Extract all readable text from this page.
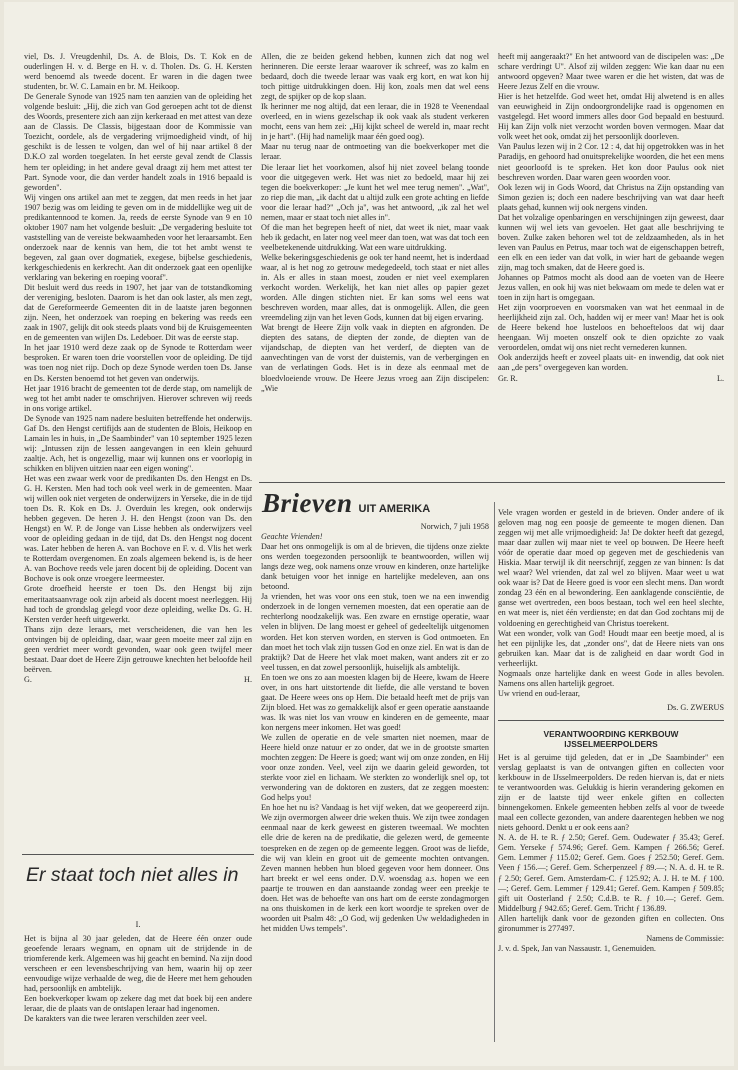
viel, Ds. J. Vreugdenhil, Ds. A. de Blois, Ds. T. Kok en de ouderlingen H. v. d. Berge en H. v. d. Tholen. Ds. G. H. Kersten werd benoemd als tweede docent. Er waren in die dagen twee studenten, br. W. C. Lamain en br. M. Heikoop.

De Generale Synode van 1925 nam ten aanzien van de opleiding het volgende besluit: „Hij, die zich van God geroepen acht tot de dienst des Woords, presentere zich aan zijn kerkeraad en met attest van deze aan de Classis. De Classis, bijgestaan door de Kommissie van Toezicht, oordele, als de vergadering vrijmoedigheid vindt, of hij geschikt is de lessen te volgen, dan wel of hij naar artikel 8 der D.K.O zal worden toegelaten. In het eerste geval zendt de Classis hem ter opleiding; in het andere geval draagt zij hem met attest ter Part. Synode voor, die dan verder handelt zoals in 1916 bepaald is geworden".

Wij vingen ons artikel aan met te zeggen, dat men reeds in het jaar 1907 bezig was om leiding te geven om in de middellijke weg uit de predikantennood te komen. Ja, reeds de eerste Synode van 9 en 10 oktober 1907 nam het volgende besluit: „De vergadering besluite tot vaststelling van de vereiste bekwaamheden voor het leraarsambt. Een onderzoek naar de kennis van hem, die tot het ambt wenst te begeven, zal gaan over dogmatiek, exegese, bijbelse geschiedenis, kerkgeschiedenis en kerkrecht. Aan dit onderzoek gaat een openlijke verklaring van bekering en roeping vooraf".

Dit besluit werd dus reeds in 1907, het jaar van de totstandkoming der vereniging, besloten. Daarom is het dan ook laster, als men zegt, dat de Gereformeerde Gemeenten dit in de laatste jaren begonnen zijn. Neen, het onderzoek van roeping en bekering was reeds een zaak in 1907, gelijk dit ook steeds plaats vond bij de Kruisgemeenten en de gemeenten van wijlen Ds. Ledeboer. Dit was de eerste stap.

In het jaar 1910 werd deze zaak op de Synode te Rotterdam weer besproken. Er waren toen drie voorstellen voor de opleiding. De tijd was toen nog niet rijp. Doch op deze Synode werden toen Ds. Janse en Ds. Kersten benoemd tot het geven van onderwijs.

Het jaar 1916 bracht de gemeenten tot de derde stap, om namelijk de weg tot het ambt nader te omschrijven. Hierover schreven wij reeds in ons vorige artikel.

De Synode van 1925 nam nadere besluiten betreffende het onderwijs. Gaf Ds. den Hengst certifijds aan de studenten de Blois, Heikoop en Lamain les in huis, in „De Saambinder" van 10 september 1925 lezen wij: „Intussen zijn de lessen aangevangen in een klein gehuurd zaaltje. Ach, het is ongezellig, maar wij kunnen ons er voorlopig in schikken en blijven uitzien naar een eigen woning".

Het was een zwaar werk voor de predikanten Ds. den Hengst en Ds. G. H. Kersten. Men had toch ook veel werk in de gemeenten. Maar wij willen ook niet vergeten de onderwijzers in Yerseke, die in de tijd toen Ds. R. Kok en Ds. J. Overduin les kregen, ook onderwijs hebben gegeven. De heren J. H. den Hengst (zoon van Ds. den Hengst) en W. P. de Jonge van Lisse hebben als onderwijzers veel voor de opleiding gedaan in de tijd, dat Ds. den Hengst nog docent was. Later hebben de heren A. van Bochove en F. v. d. Vlis het werk te Rotterdam overgenomen. En zoals algemeen bekend is, is de heer A. van Bochove reeds vele jaren docent bij de opleiding. Docent van Bochove is ook onze vroegere leermeester.

Grote droefheid heerste er toen Ds. den Hengst bij zijn emeritaatsaanvrage ook zijn arbeid als docent moest neerleggen. Hij had toch de grondslag gelegd voor deze opleiding, welke Ds. G. H. Kersten verder heeft uitgewerkt.

Thans zijn deze leraars, met verscheidenen, die van hen les ontvingen bij de opleiding, daar, waar geen moeite meer zal zijn en geen verdriet meer wordt gevonden, waar ook geen twijfel meer bestaat. Daar doet de Heere Zijn getrouwe knechten het beloofde heil beërven.

G.	H.

Allen, die ze beiden gekend hebben, kunnen zich dat nog wel herinneren. Die eerste leraar waarover ik schreef, was zo kalm en bedaard, doch die tweede leraar was vaak erg kort, en wat kon hij toch pittige uitdrukkingen doen. Hij kon, zoals men dat wel eens zegt, de spijker op de kop slaan.

Ik herinner me nog altijd, dat een leraar, die in 1928 te Veenendaal overleed, en in wiens gezelschap ik ook vaak als student verkeren mocht, eens van hem zei: „Hij kijkt scheel de wereld in, maar recht in je hart". (Hij had namelijk maar één goed oog).

Maar nu terug naar de ontmoeting van die boekverkoper met die leraar.

Die leraar liet het voorkomen, alsof hij niet zoveel belang toonde voor die uitgegeven werk. Het was niet zo bedoeld, maar hij zei tegen die boekverkoper: „Je kunt het wel mee terug nemen". „Wat", zo riep die man, „ik dacht dat u altijd zulk een grote achting en liefde voor die leraar had?" „Och ja", was het antwoord, „ik zal het wel nemen, maar er staat toch niet alles in".

Of die man het begrepen heeft of niet, dat weet ik niet, maar vaak heb ik gedacht, en later nog veel meer dan toen, wat was dat toch een veelbetekenende uitdrukking. Wat een ware uitdrukking.

Welke bekeringsgeschiedenis ge ook ter hand neemt, het is inderdaad waar, al is het nog zo getrouw medegedeeld, toch staat er niet alles in. Als er alles in staan moest, zouden er niet veel exemplaren verkocht worden. Werkelijk, het kan niet alles op papier gezet worden. Alle dingen stichten niet. Er kan soms wel eens wat beschreven worden, maar alles, dat is onmogelijk. Allen, die geen vreemdeling zijn van het leven Gods, kunnen dat bij eigen ervaring.

Wat brengt de Heere Zijn volk vaak in diepten en afgronden. De diepten des satans, de diepten der zonde, de diepten van de vijandschap, de diepten van het verderf, de diepten van de aanvechtingen van de vorst der duisternis, van de verbergingen en van de verlatingen Gods. Het is in deze als eenmaal met de bloedvloeiende vrouw. De Heere Jezus vroeg aan Zijn discipelen: „Wie

heeft mij aangeraakt?" En het antwoord van de discipelen was: „De schare verdringt U". Alsof zij wilden zeggen: Wie kan daar nu een antwoord opgeven? Maar twee waren er die het wisten, dat was de Heere Jezus Zelf en die vrouw.

Hier is het hetzelfde. God weet het, omdat Hij alwetend is en alles van eeuwigheid in Zijn ondoorgrondelijke raad is opgenomen en vastgelegd. Het woord immers alles door God bepaald en bestuurd. Hij kan Zijn volk niet verzocht worden boven vermogen. Maar dat volk weet het ook, omdat zij het persoonlijk doorleven.

Van Paulus lezen wij in 2 Cor. 12 : 4, dat hij opgetrokken was in het Paradijs, en gehoord had onuitsprekelijke woorden, die het een mens niet geoorloofd is te spreken. Het kon door Paulus ook niet beschreven worden. Daar waren geen woorden voor.

Ook lezen wij in Gods Woord, dat Christus na Zijn opstanding van Simon gezien is; doch een nadere beschrijving van wat daar heeft plaats gehad, kunnen wij ook nergens vinden.

Dat het volzalige openbaringen en verschijningen zijn geweest, daar kunnen wij wel iets van gevoelen. Het gaat alle beschrijving te boven. Zulke zaken behoren wel tot de zeldzaamheden, als in het leven van Paulus en Petrus, maar toch wat de eigenschappen betreft, een elk en een ieder van dat volk, in wier hart de gebaande wegen zijn, mag toch smaken, dat de Heere goed is.

Johannes op Patmos mocht als dood aan de voeten van de Heere Jezus vallen, en ook hij was niet bekwaam om mede te delen wat er toen in zijn hart is omgegaan.

Het zijn voorproeven en voorsmaken van wat het eenmaal in de heerlijkheid zijn zal. Och, hadden wij er meer van! Maar het is ook de Heere bekend hoe lusteloos en behoefteloos dat wij daar heengaan. Wij moeten onszelf ook te dien opzichte zo vaak veroordelen, omdat wij ons niet recht vernederen kunnen.

Ook anderzijds heeft er zoveel plaats uit- en inwendig, dat ook niet aan „de pers" overgegeven kan worden.

Gr. R.	L.
Brieven UIT AMERIKA
Norwich, 7 juli 1958
Geachte Vrienden!

Daar het ons onmogelijk is om al de brieven, die tijdens onze ziekte ons werden toegezonden persoonlijk te beantwoorden, willen wij langs deze weg, ook namens onze vrouw en kinderen, onze hartelijke dank betuigen voor het innige en hartelijke medeleven, aan ons betoond.

Ja vrienden, het was voor ons een stuk, toen we na een inwendig onderzoek in de longen vernemen moesten, dat een operatie aan de rechterlong noodzakelijk was. Een zware en ernstige operatie, waar velen in blijven. De lang moest er geheel of gedeeltelijk uitgenomen worden. Het kon sterven worden, en sterven is God ontmoeten. En dan moet het toch vlak zijn tussen God en onze ziel. En wat is dan de praktijk? Dat de Heere het vlak moet maken, want anders zit er zo veel tussen, en dat zowel persoonlijk, huiselijk als ambtelijk.

En toen we ons zo aan moesten klagen bij de Heere, kwam de Heere over, in ons hart uitstortende dit liefde, die alle verstand te boven gaat. De Heere wees ons op Hem. Die betaald heeft met de prijs van Zijn bloed. Het was zo gemakkelijk alsof er geen operatie aanstaande was. Ik was niet los van vrouw en kinderen en de gemeente, maar kon nergens meer inkomen. Het was goed!

We zullen de operatie en de vele smarten niet noemen, maar de Heere hield onze natuur er zo onder, dat we in de grootste smarten mochten zeggen: De Heere is goed; want wij om onze zonden, en Hij voor onze zonden. Veel, veel zijn we daarin geleid geworden, tot sterkte voor ziel en lichaam. We sterkten zo wonderlijk snel op, tot verwondering van de doktoren en zusters, dat ze zeggen moesten: God helps you!

En hoe het nu is? Vandaag is het vijf weken, dat we geopereerd zijn. We zijn overmorgen alweer drie weken thuis. We zijn twee zondagen eenmaal naar de kerk geweest en gisteren tweemaal. We mochten elle drie de keren na de predikatie, die gelezen werd, de gemeente toespreken en de zegen op de gemeente leggen. Groot was de liefde, die wij van klein en groot uit de gemeente mochten ontvangen. Zeven mannen hebben hun bloed gegeven voor hem donneer. Ons hart breekt er wel eens onder. D.V. woensdag a.s. hopen we een paartje te trouwen en dan aanstaande zondag weer een preekje te doen. Het was de behoefte van ons hart om de eerste zondagmorgen na ons thuiskomen in de kerk een kort woordje te spreken over de woorden uit Psalm 48: „O God, wij gedenken Uw weldadigheden in het midden Uws tempels".

Vele vragen worden er gesteld in de brieven. Onder andere of ik geloven mag nog een poosje de gemeente te mogen dienen. Dan zeggen wij met alle vrijmoedigheid: Ja! De dokter heeft dat gezegd, maar daar zullen wij maar niet te veel op bouwen. De Heere heeft vóór de operatie daar moed op gegeven met de geschiedenis van Hiskia. Maar terwijl ik dit neerschrijf, zeggen ze van binnen: Is dat wel waar? Wel vrienden, dat zal wel zo blijven. Maar weet u wat ook waar is? Dat de Heere goed is voor een slecht mens. Dan wordt zondag 23 één en al bewondering. Een aanklagende consciëntie, de ganse wet overtreden, een boos bestaan, toch wel een heel slechte, en wat meer is, niet één verdienste; en dat dan God zochtans mij de voldoening en gerechtigheid van Christus toerekent.

Wat een wonder, volk van God! Houdt maar een beetje moed, al is het een pijnlijke les, dat „zonder ons", dat de Heere niets van ons gebruiken kan. Maar dat is de zaligheid en daar wordt God in verheerlijkt.

Nogmaals onze hartelijke dank en weest Gode in alles bevolen. Namens ons allen hartelijk gegroet.

Uw vriend en oud-leraar,

Ds. G. ZWERUS
VERANTWOORDING KERKBOUW
IJSSELMEERPOLDERS

Het is al geruime tijd geleden, dat er in „De Saambinder" een verslag geplaatst is van de ontvangen giften en collecten voor kerkbouw in de IJsselmeerpolders. De reden hiervan is, dat er niets te verantwoorden was. Gelukkig is hierin verandering gekomen en zijn er de laatste tijd weer enkele giften en collecten binnengekomen. Enkele gemeenten hebben zelfs al voor de tweede maal een collecte gezonden, van andere daarentegen hebben we nog niets gehoord. Denkt u er ook eens aan?

N. A. de H. te R. ƒ 2.50; Geref. Gem. Oudewater ƒ 35.43; Geref. Gem. Yerseke ƒ 574.96; Geref. Gem. Kampen ƒ 266.56; Geref. Gem. Lemmer ƒ 115.02; Geref. Gem. Goes ƒ 252.50; Geref. Gem. Veen ƒ 156.—; Geref. Gem. Scherpenzeel ƒ 89.—; N. A. d. H. te R. ƒ 2.50; Geref. Gem. Amsterdam-C. ƒ 125.92; A. J. H. te M. ƒ 100.—; Geref. Gem. Lemmer ƒ 129.41; Geref. Gem. Kampen ƒ 509.85; gift uit Oosterland ƒ 2.50; C.d.B. te R. ƒ 10.—; Geref. Gem. Middelburg ƒ 942.65; Geref. Gem. Tricht ƒ 136.89.

Allen hartelijk dank voor de gezonden giften en collecten. Ons gironummer is 277497.

Namens de Commissie:
J. v. d. Spek, Jan van Nassaustr. 1, Genemuiden.
Er staat toch niet alles in
I.

Het is bijna al 30 jaar geleden, dat de Heere één onzer oude geoefende leraars wegnam, en opnam uit de strijdende in de triomferende kerk. Algemeen was hij geacht en bemind. Na zijn dood verscheen er een levensbeschrijving van hem, waarin hij op zeer eenvoudige wijze verhaalde de weg, die de Heere met hem gehouden had, persoonlijk en ambtelijk.

Een boekverkoper kwam op zekere dag met dat boek bij een andere leraar, die de plaats van de ontslapen leraar had ingenomen.

De karakters van die twee leraren verschilden zeer veel.
